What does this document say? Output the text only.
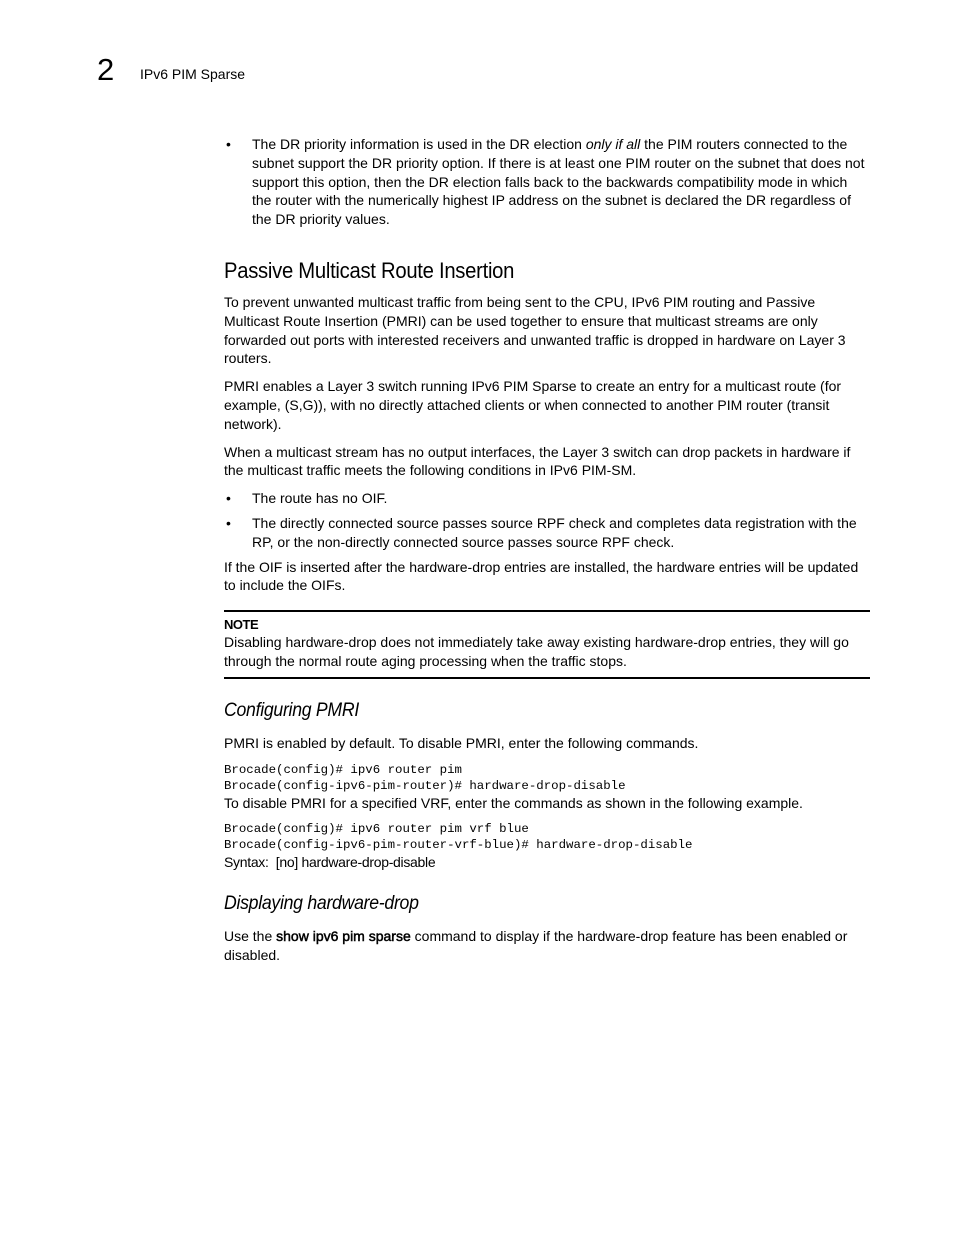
2 IPv6 PIM Sparse
• The DR priority information is used in the DR election only if all the PIM routers connected to the subnet support the DR priority option. If there is at least one PIM router on the subnet that does not support this option, then the DR election falls back to the backwards compatibility mode in which the router with the numerically highest IP address on the subnet is declared the DR regardless of the DR priority values.
Passive Multicast Route Insertion

To prevent unwanted multicast traffic from being sent to the CPU, IPv6 PIM routing and Passive Multicast Route Insertion (PMRI) can be used together to ensure that multicast streams are only forwarded out ports with interested receivers and unwanted traffic is dropped in hardware on Layer 3 routers.

PMRI enables a Layer 3 switch running IPv6 PIM Sparse to create an entry for a multicast route (for example, (S,G)), with no directly attached clients or when connected to another PIM router (transit network).

When a multicast stream has no output interfaces, the Layer 3 switch can drop packets in hardware if the multicast traffic meets the following conditions in IPv6 PIM-SM.

• The route has no OIF.
• The directly connected source passes source RPF check and completes data registration with the RP, or the non-directly connected source passes source RPF check.

If the OIF is inserted after the hardware-drop entries are installed, the hardware entries will be updated to include the OIFs.

NOTE

Disabling hardware-drop does not immediately take away existing hardware-drop entries, they will go through the normal route aging processing when the traffic stops.

Configuring PMRI

PMRI is enabled by default. To disable PMRI, enter the following commands.

Brocade(config)# ipv6 router pim
Brocade(config-ipv6-pim-router)# hardware-drop-disable

To disable PMRI for a specified VRF, enter the commands as shown in the following example.

Brocade(config)# ipv6 router pim vrf blue
Brocade(config-ipv6-pim-router-vrf-blue)# hardware-drop-disable
Syntax: [no] hardware-drop-disable
Displaying hardware-drop

Use the show ipv6 pim sparse command to display if the hardware-drop feature has been enabled or disabled.
